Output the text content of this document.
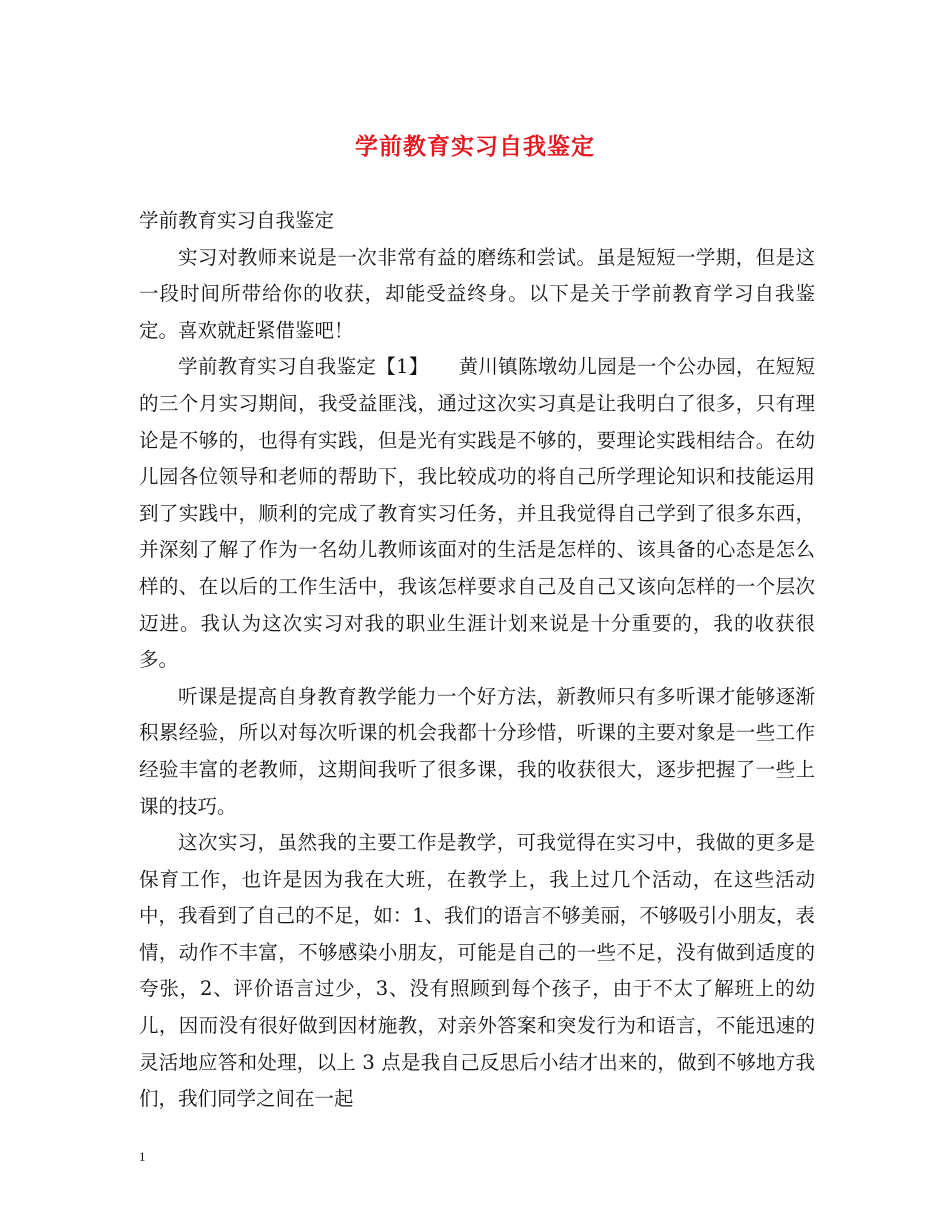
学前教育实习自我鉴定

学前教育实习自我鉴定

实习对教师来说是一次非常有益的磨练和尝试。虽是短短一学期，但是这一段时间所带给你的收获，却能受益终身。以下是关于学前教育学习自我鉴定。喜欢就赶紧借鉴吧！

学前教育实习自我鉴定【1】　　黄川镇陈墩幼儿园是一个公办园，在短短的三个月实习期间，我受益匪浅，通过这次实习真是让我明白了很多，只有理论是不够的，也得有实践，但是光有实践是不够的，要理论实践相结合。在幼儿园各位领导和老师的帮助下，我比较成功的将自己所学理论知识和技能运用到了实践中，顺利的完成了教育实习任务，并且我觉得自己学到了很多东西，并深刻了解了作为一名幼儿教师该面对的生活是怎样的、该具备的心态是怎么样的、在以后的工作生活中，我该怎样要求自己及自己又该向怎样的一个层次迈进。我认为这次实习对我的职业生涯计划来说是十分重要的，我的收获很多。

听课是提高自身教育教学能力一个好方法，新教师只有多听课才能够逐渐积累经验，所以对每次听课的机会我都十分珍惜，听课的主要对象是一些工作经验丰富的老教师，这期间我听了很多课，我的收获很大，逐步把握了一些上课的技巧。

这次实习，虽然我的主要工作是教学，可我觉得在实习中，我做的更多是保育工作，也许是因为我在大班，在教学上，我上过几个活动，在这些活动中，我看到了自己的不足，如：1、我们的语言不够美丽，不够吸引小朋友，表情，动作不丰富，不够感染小朋友，可能是自己的一些不足，没有做到适度的夸张，2、评价语言过少，3、没有照顾到每个孩子，由于不太了解班上的幼儿，因而没有很好做到因材施教，对亲外答案和突发行为和语言，不能迅速的灵活地应答和处理，以上 3 点是我自己反思后小结才出来的，做到不够地方我们，我们同学之间在一起

1
